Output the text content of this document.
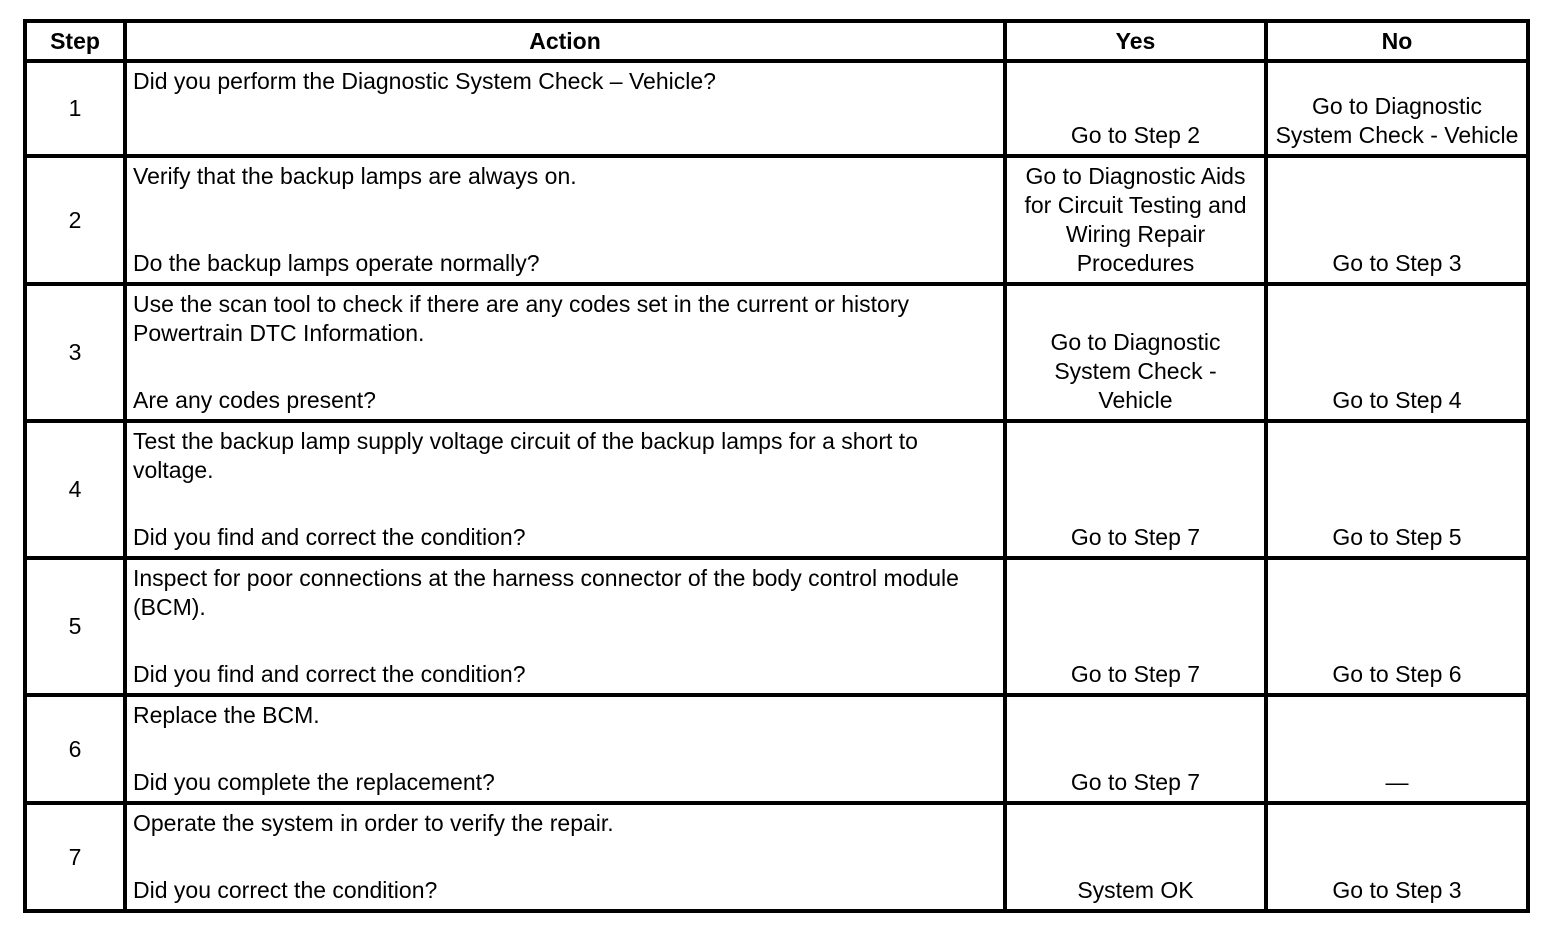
Step	Action	Yes	No
1	Did you perform the Diagnostic System Check – Vehicle?	Go to Step 2	Go to Diagnostic System Check - Vehicle

2	Verify that the backup lamps are always on.
Do the backup lamps operate normally?	Go to Diagnostic Aids for Circuit Testing and Wiring Repair Procedures	Go to Step 3

3	Use the scan tool to check if there are any codes set in the current or history Powertrain DTC Information.
Are any codes present?	Go to Diagnostic System Check - Vehicle	Go to Step 4

4	Test the backup lamp supply voltage circuit of the backup lamps for a short to voltage.
Did you find and correct the condition?	Go to Step 7	Go to Step 5

5	Inspect for poor connections at the harness connector of the body control module (BCM).
Did you find and correct the condition?	Go to Step 7	Go to Step 6

6	Replace the BCM.
Did you complete the replacement?	Go to Step 7	—

7	Operate the system in order to verify the repair.
Did you correct the condition?	System OK	Go to Step 3
